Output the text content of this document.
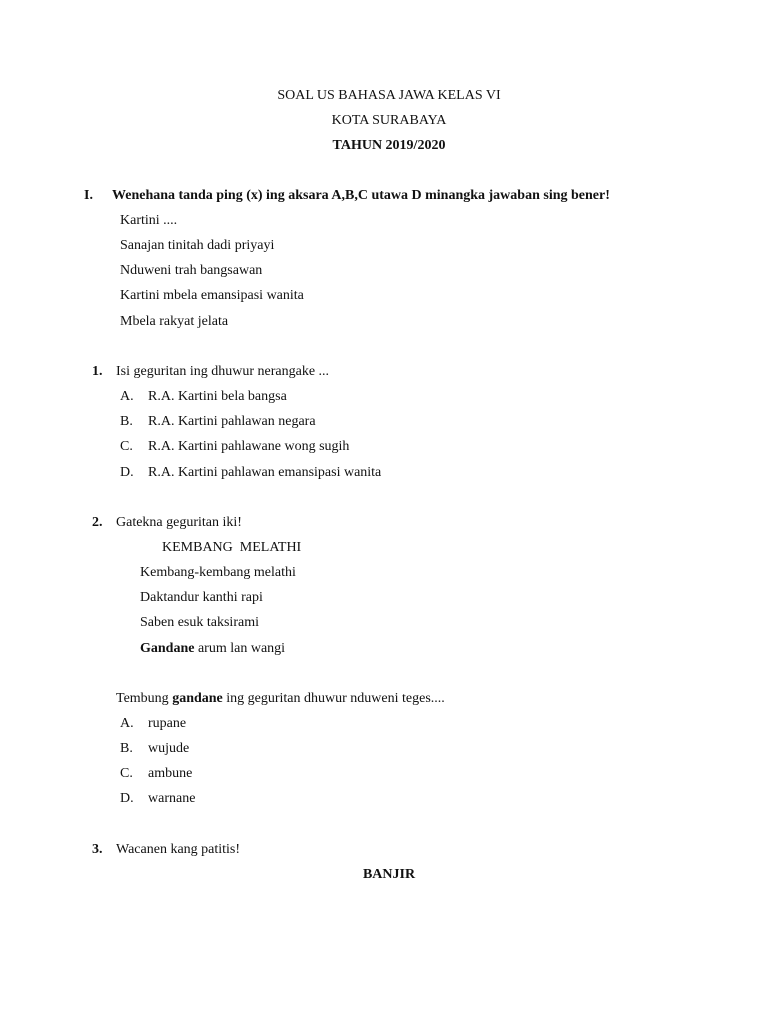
SOAL US BAHASA JAWA KELAS VI
KOTA SURABAYA
TAHUN 2019/2020
I. Wenehana tanda ping (x) ing aksara A,B,C utawa D minangka jawaban sing bener!
Kartini ....
Sanajan tinitah dadi priyayi
Nduweni trah bangsawan
Kartini mbela emansipasi wanita
Mbela rakyat jelata
1. Isi geguritan ing dhuwur nerangake ...
A. R.A. Kartini bela bangsa
B. R.A. Kartini pahlawan negara
C. R.A. Kartini pahlawane wong sugih
D. R.A. Kartini pahlawan emansipasi wanita
2. Gatekna geguritan iki!
KEMBANG  MELATHI
Kembang-kembang melathi
Daktandur kanthi rapi
Saben esuk taksirami
Gandane arum lan wangi
Tembung gandane ing geguritan dhuwur nduweni teges....
A. rupane
B. wujude
C. ambune
D. warnane
3. Wacanen kang patitis!
BANJIR
